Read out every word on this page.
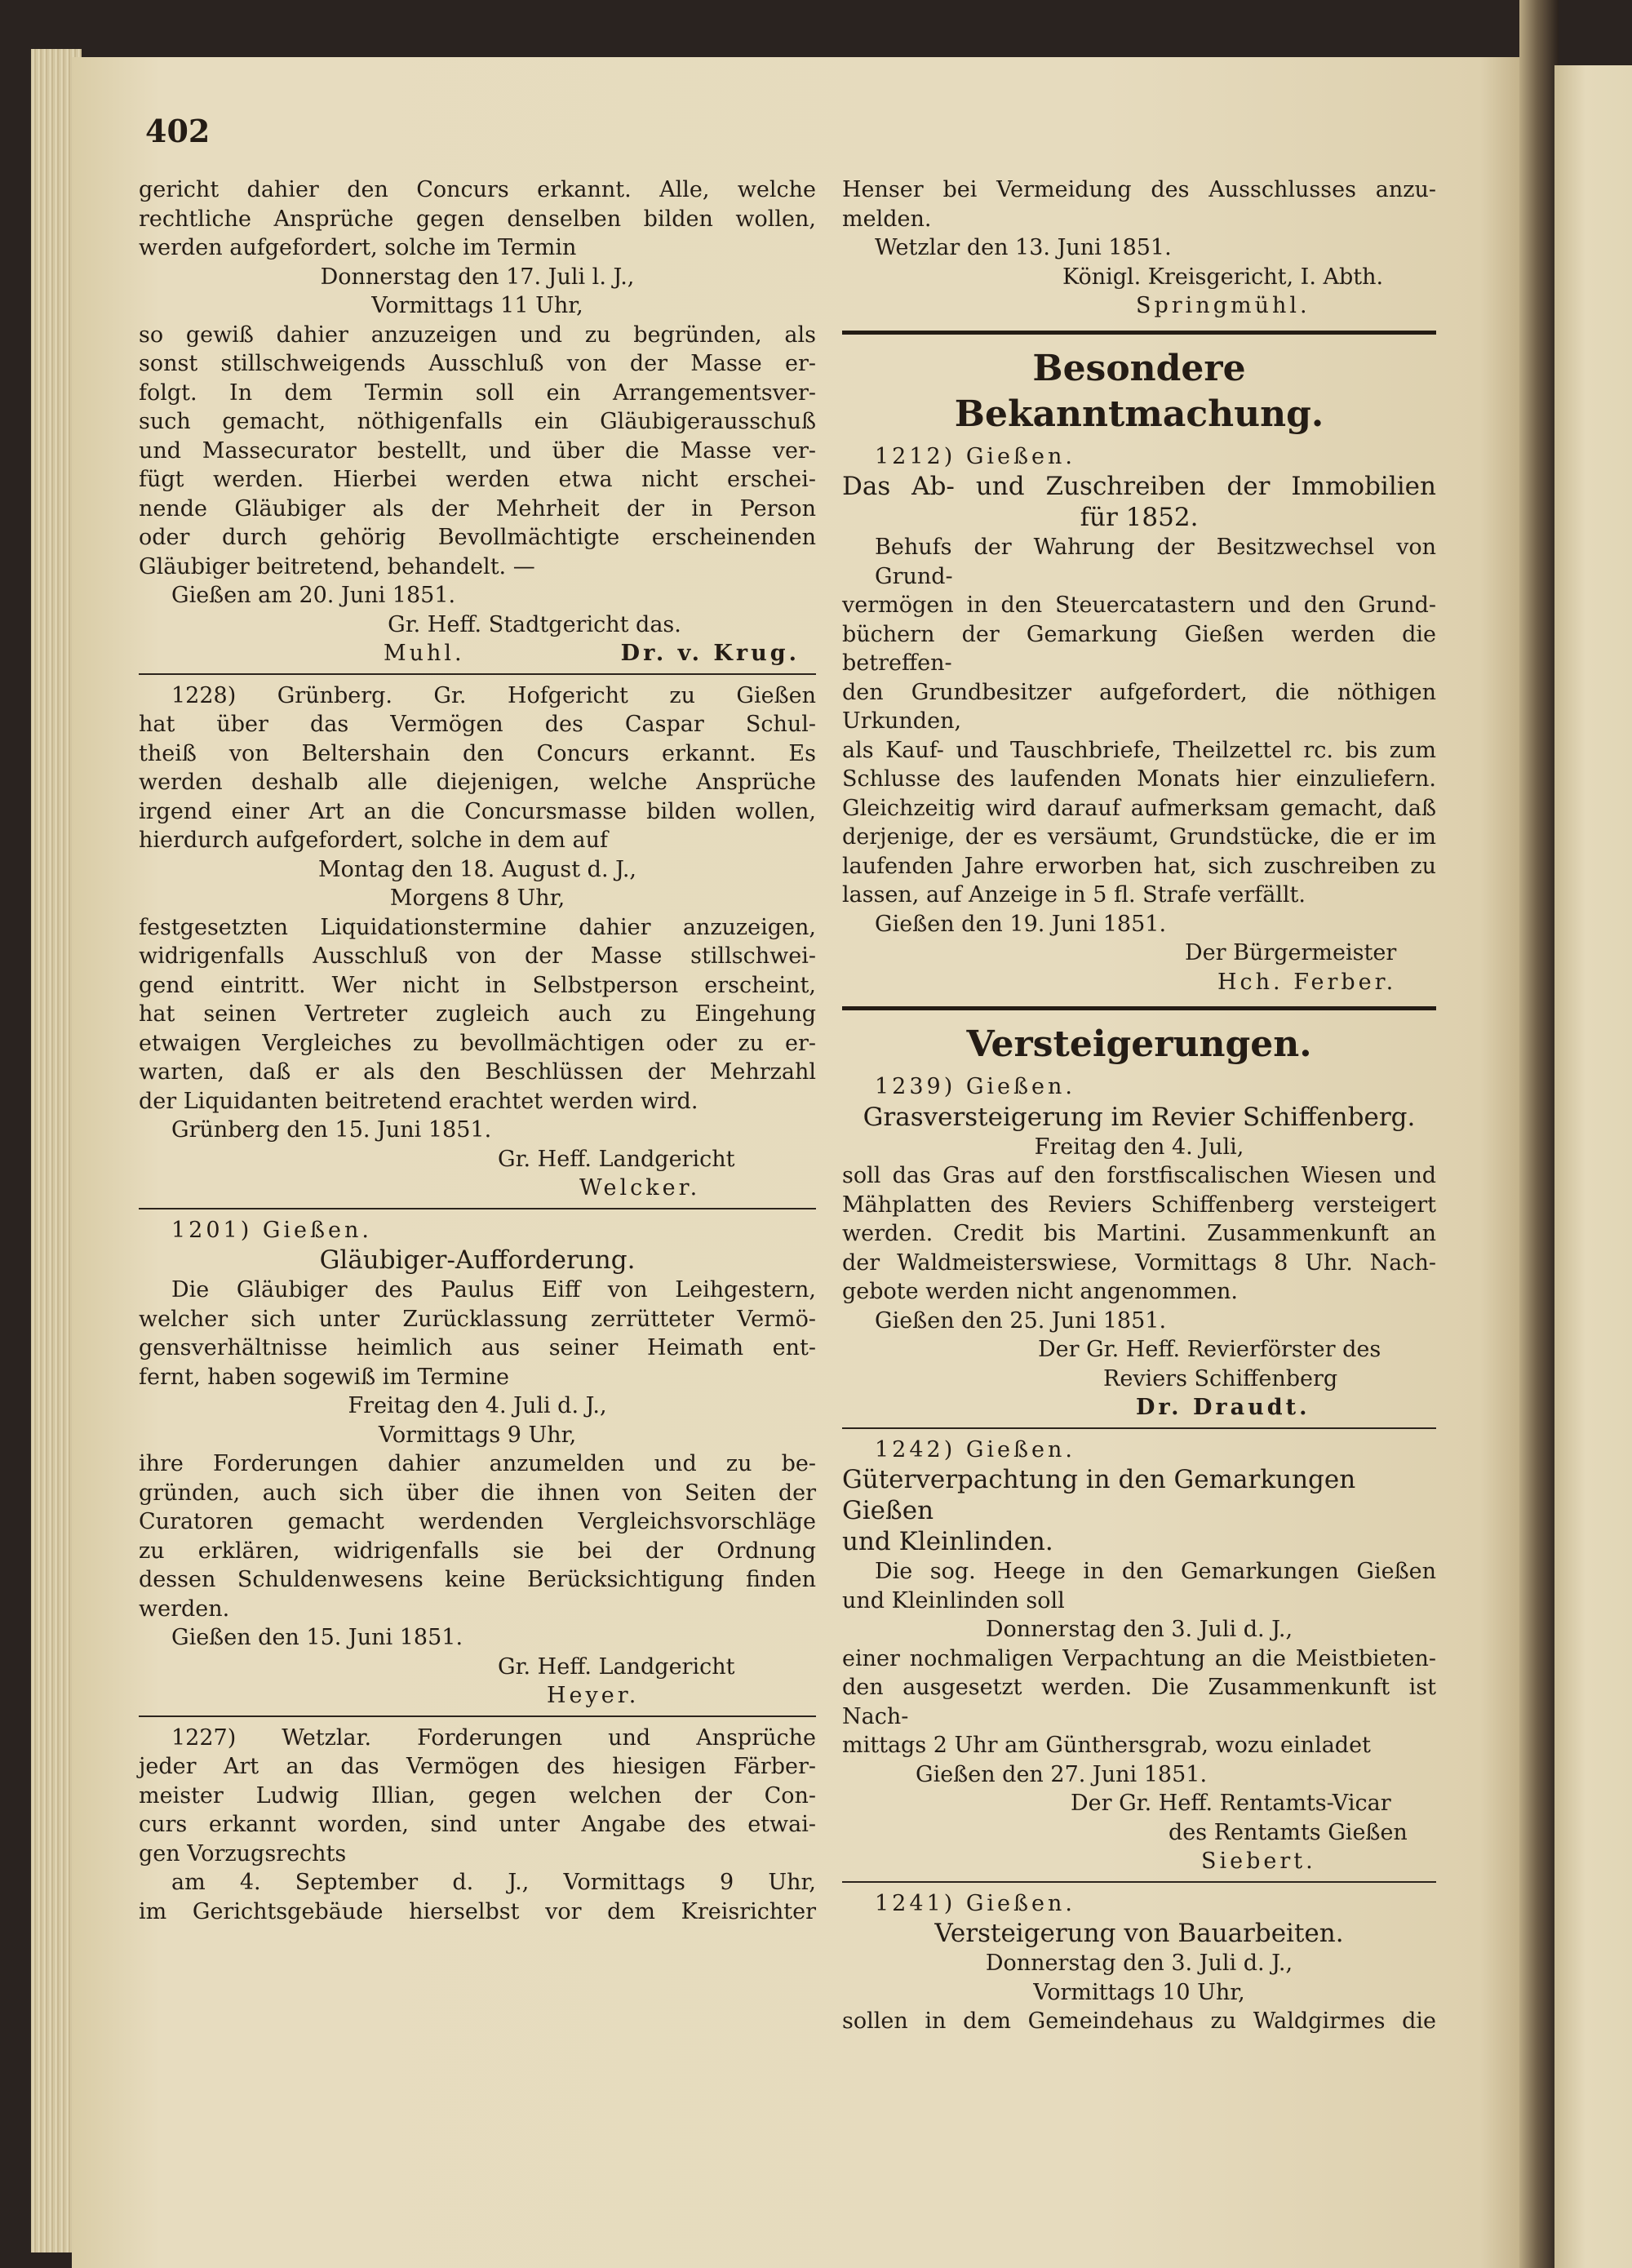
402

gericht dahier den Concurs erkannt. Alle, welche

rechtliche Ansprüche gegen denselben bilden wollen,

werden aufgefordert, solche im Termin

Donnerstag den 17. Juli l. J.,

Vormittags 11 Uhr,

so gewiß dahier anzuzeigen und zu begründen, als

sonst stillschweigends Ausschluß von der Masse er-

folgt. In dem Termin soll ein Arrangementsver-

such gemacht, nöthigenfalls ein Gläubigerausschuß

und Massecurator bestellt, und über die Masse ver-

fügt werden. Hierbei werden etwa nicht erschei-

nende Gläubiger als der Mehrheit der in Person

oder durch gehörig Bevollmächtigte erscheinenden

Gläubiger beitretend, behandelt. —

Gießen am 20. Juni 1851.

Gr. Heff. Stadtgericht das.

Muhl.	Dr. v. Krug.

1228) Grünberg. Gr. Hofgericht zu Gießen

hat über das Vermögen des Caspar Schul-

theiß von Beltershain den Concurs erkannt. Es

werden deshalb alle diejenigen, welche Ansprüche

irgend einer Art an die Concursmasse bilden wollen,

hierdurch aufgefordert, solche in dem auf

Montag den 18. August d. J.,

Morgens 8 Uhr,

festgesetzten Liquidationstermine dahier anzuzeigen,

widrigenfalls Ausschluß von der Masse stillschwei-

gend eintritt. Wer nicht in Selbstperson erscheint,

hat seinen Vertreter zugleich auch zu Eingehung

etwaigen Vergleiches zu bevollmächtigen oder zu er-

warten, daß er als den Beschlüssen der Mehrzahl

der Liquidanten beitretend erachtet werden wird.

Grünberg den 15. Juni 1851.

Gr. Heff. Landgericht

Welcker.

1201) Gießen.

Gläubiger-Aufforderung.

Die Gläubiger des Paulus Eiff von Leihgestern,

welcher sich unter Zurücklassung zerrütteter Vermö-

gensverhältnisse heimlich aus seiner Heimath ent-

fernt, haben sogewiß im Termine

Freitag den 4. Juli d. J.,

Vormittags 9 Uhr,

ihre Forderungen dahier anzumelden und zu be-

gründen, auch sich über die ihnen von Seiten der

Curatoren gemacht werdenden Vergleichsvorschläge

zu erklären, widrigenfalls sie bei der Ordnung

dessen Schuldenwesens keine Berücksichtigung finden

werden.

Gießen den 15. Juni 1851.

Gr. Heff. Landgericht

Heyer.

1227) Wetzlar. Forderungen und Ansprüche

jeder Art an das Vermögen des hiesigen Färber-

meister Ludwig Illian, gegen welchen der Con-

curs erkannt worden, sind unter Angabe des etwai-

gen Vorzugsrechts

am 4. September d. J., Vormittags 9 Uhr,

im Gerichtsgebäude hierselbst vor dem Kreisrichter

Henser bei Vermeidung des Ausschlusses anzu-

melden.

Wetzlar den 13. Juni 1851.

Königl. Kreisgericht, I. Abth.

Springmühl.

Besondere Bekanntmachung.

1212) Gießen.

Das Ab- und Zuschreiben der Immobilien

für 1852.

Behufs der Wahrung der Besitzwechsel von Grund-

vermögen in den Steuercatastern und den Grund-

büchern der Gemarkung Gießen werden die betreffen-

den Grundbesitzer aufgefordert, die nöthigen Urkunden,

als Kauf- und Tauschbriefe, Theilzettel rc. bis zum

Schlusse des laufenden Monats hier einzuliefern.

Gleichzeitig wird darauf aufmerksam gemacht, daß

derjenige, der es versäumt, Grundstücke, die er im

laufenden Jahre erworben hat, sich zuschreiben zu

lassen, auf Anzeige in 5 fl. Strafe verfällt.

Gießen den 19. Juni 1851.

Der Bürgermeister

Hch. Ferber.

Versteigerungen.

1239) Gießen.

Grasversteigerung im Revier Schiffenberg.

Freitag den 4. Juli,

soll das Gras auf den forstfiscalischen Wiesen und

Mähplatten des Reviers Schiffenberg versteigert

werden. Credit bis Martini. Zusammenkunft an

der Waldmeisterswiese, Vormittags 8 Uhr. Nach-

gebote werden nicht angenommen.

Gießen den 25. Juni 1851.

Der Gr. Heff. Revierförster des

Reviers Schiffenberg

Dr. Draudt.

1242) Gießen.

Güterverpachtung in den Gemarkungen Gießen

und Kleinlinden.

Die sog. Heege in den Gemarkungen Gießen

und Kleinlinden soll

Donnerstag den 3. Juli d. J.,

einer nochmaligen Verpachtung an die Meistbieten-

den ausgesetzt werden. Die Zusammenkunft ist Nach-

mittags 2 Uhr am Günthersgrab, wozu einladet

Gießen den 27. Juni 1851.

Der Gr. Heff. Rentamts-Vicar

des Rentamts Gießen

Siebert.

1241) Gießen.

Versteigerung von Bauarbeiten.

Donnerstag den 3. Juli d. J.,

Vormittags 10 Uhr,

sollen in dem Gemeindehaus zu Waldgirmes die
